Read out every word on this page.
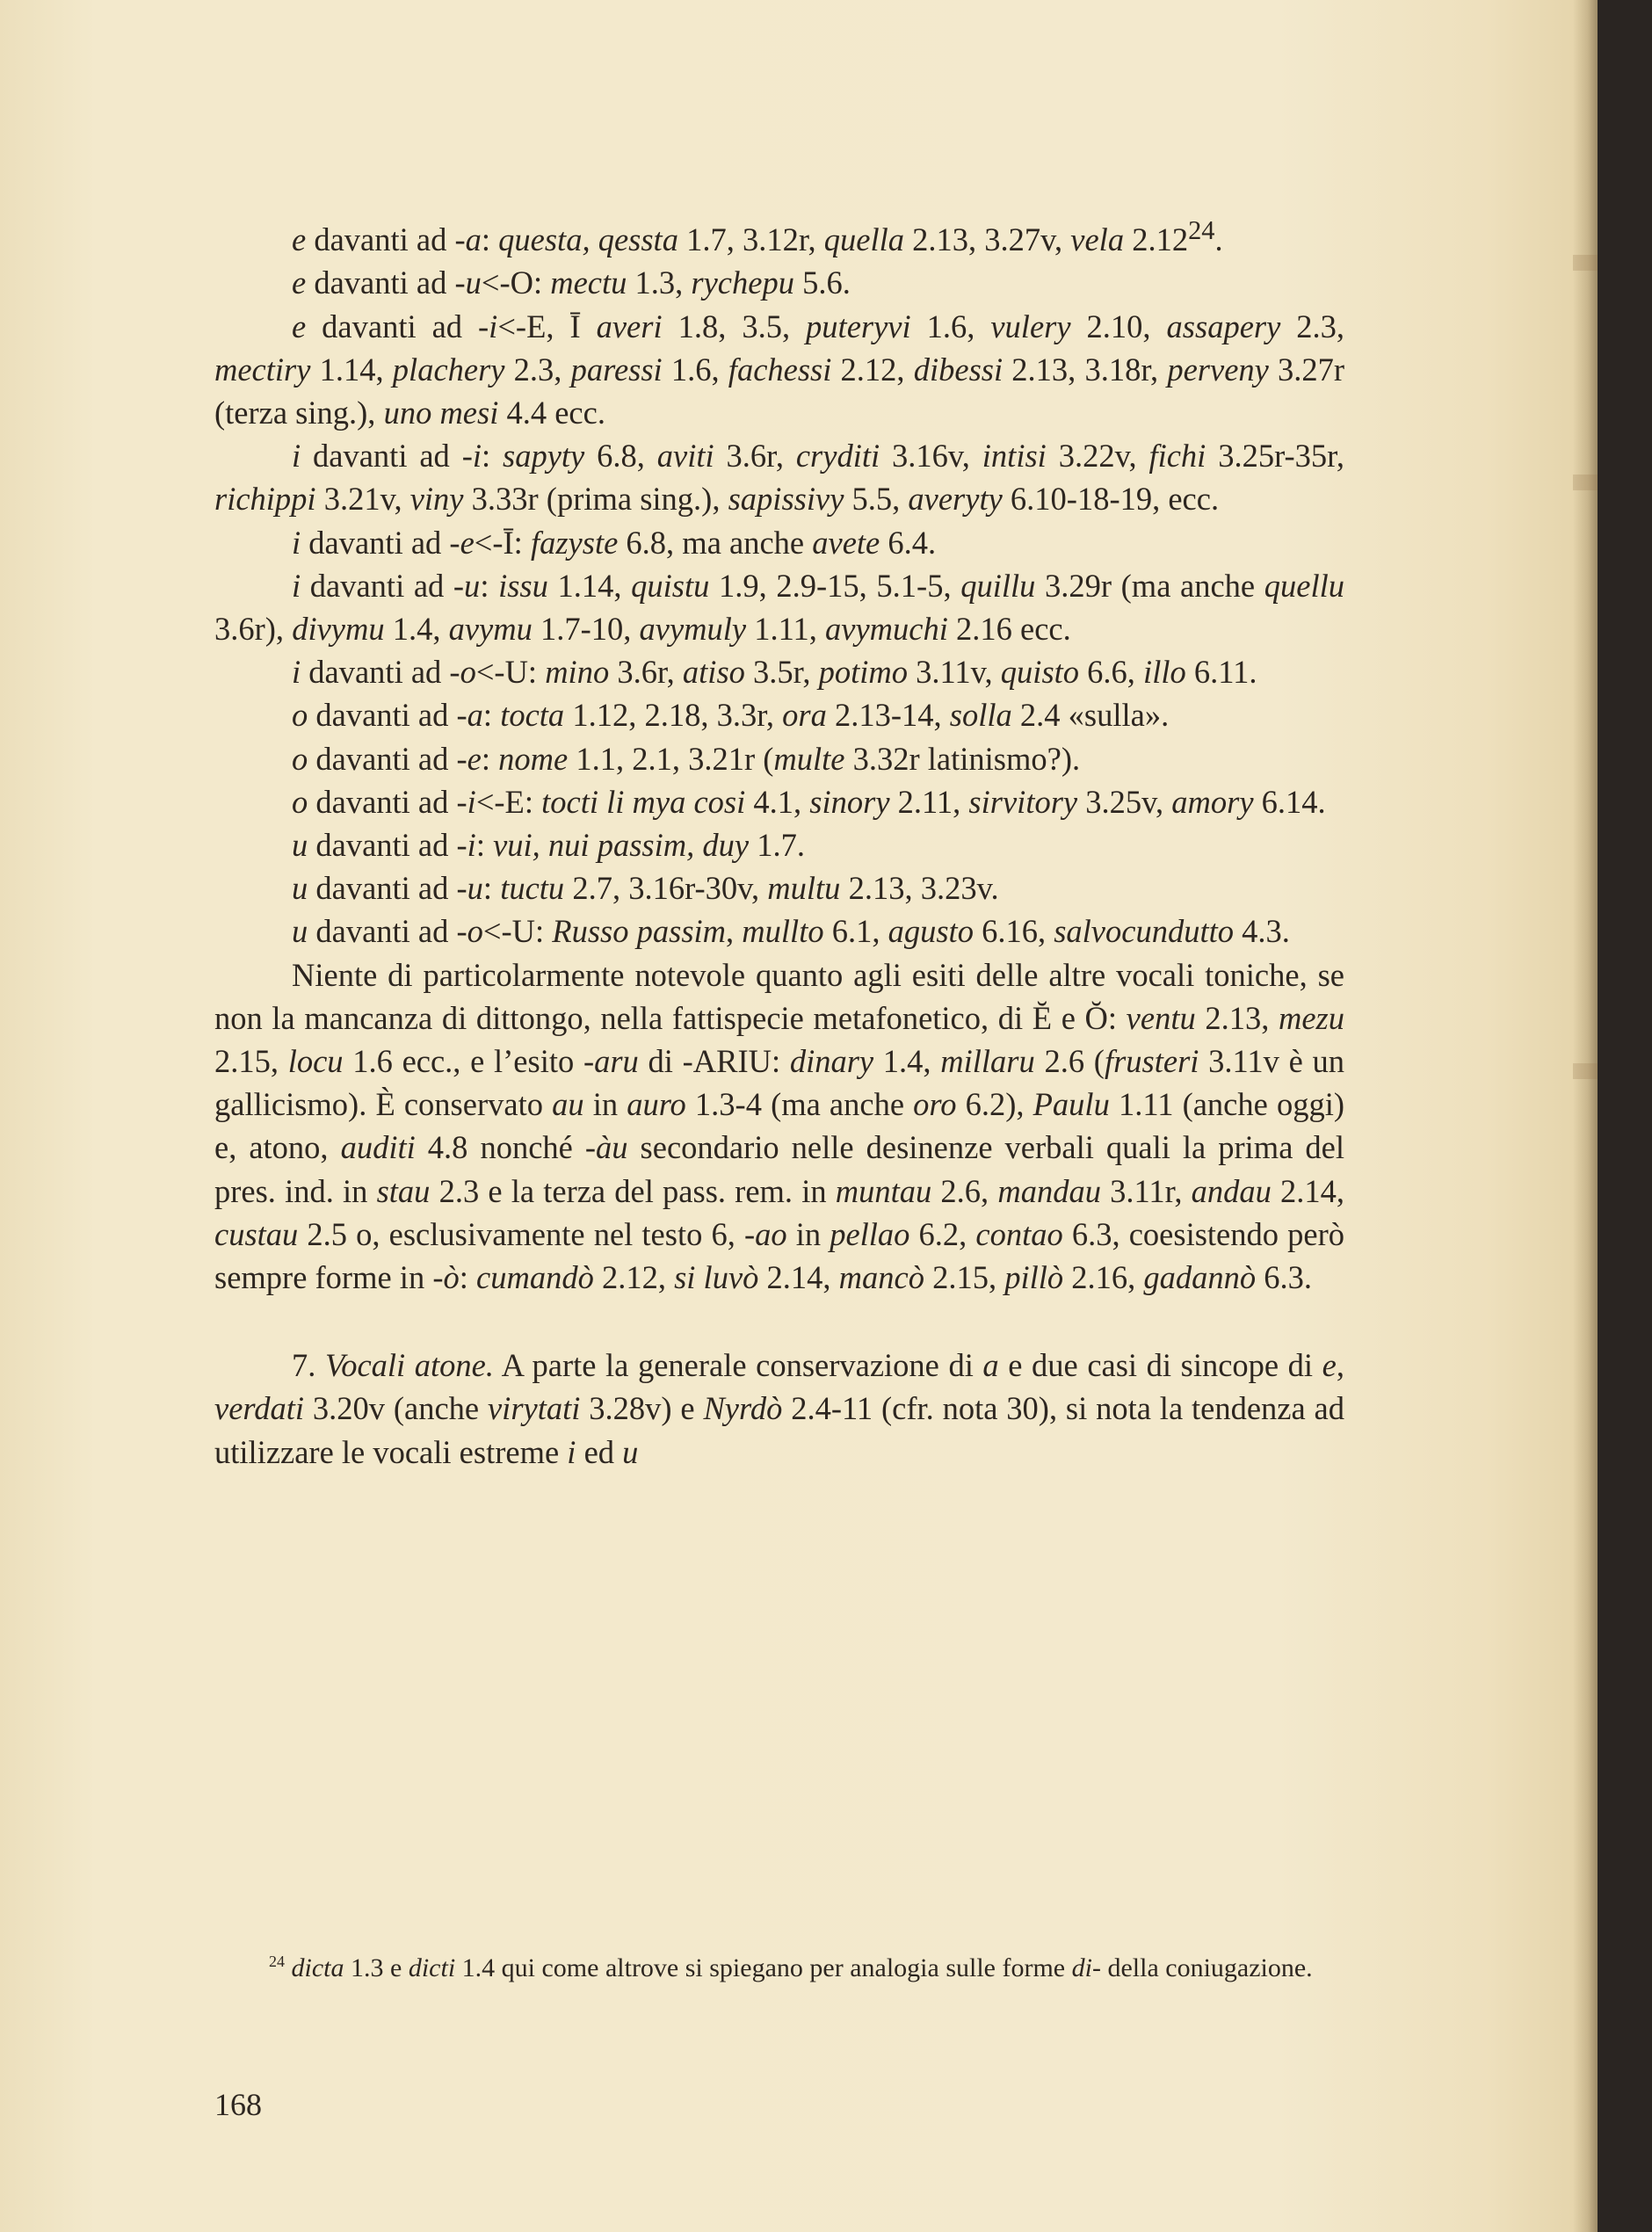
e davanti ad -a: questa, qessta 1.7, 3.12r, quella 2.13, 3.27v, vela 2.12$^{24}$.

e davanti ad -u<-O: mectu 1.3, rychepu 5.6.

e davanti ad -i<-E, Ī averi 1.8, 3.5, puteryvi 1.6, vulery 2.10, assapery 2.3, mectiry 1.14, plachery 2.3, paressi 1.6, fachessi 2.12, dibessi 2.13, 3.18r, perveny 3.27r (terza sing.), uno mesi 4.4 ecc.

i davanti ad -i: sapyty 6.8, aviti 3.6r, cryditi 3.16v, intisi 3.22v, fichi 3.25r-35r, richippi 3.21v, viny 3.33r (prima sing.), sapissivy 5.5, averyty 6.10-18-19, ecc.

i davanti ad -e<-Ī: fazyste 6.8, ma anche avete 6.4.

i davanti ad -u: issu 1.14, quistu 1.9, 2.9-15, 5.1-5, quillu 3.29r (ma anche quellu 3.6r), divymu 1.4, avymu 1.7-10, avymuly 1.11, avymuchi 2.16 ecc.

i davanti ad -o<-U: mino 3.6r, atiso 3.5r, potimo 3.11v, quisto 6.6, illo 6.11.

o davanti ad -a: tocta 1.12, 2.18, 3.3r, ora 2.13-14, solla 2.4 «sulla».

o davanti ad -e: nome 1.1, 2.1, 3.21r (multe 3.32r latinismo?).

o davanti ad -i<-E: tocti li mya cosi 4.1, sinory 2.11, sirvitory 3.25v, amory 6.14.

u davanti ad -i: vui, nui passim, duy 1.7.

u davanti ad -u: tuctu 2.7, 3.16r-30v, multu 2.13, 3.23v.

u davanti ad -o<-U: Russo passim, mullto 6.1, agusto 6.16, salvocundutto 4.3.

Niente di particolarmente notevole quanto agli esiti delle altre vocali toniche, se non la mancanza di dittongo, nella fattispecie metafonetico, di Ĕ e Ŏ: ventu 2.13, mezu 2.15, locu 1.6 ecc., e l’esito -aru di -ARIU: dinary 1.4, millaru 2.6 (frusteri 3.11v è un gallicismo). È conservato au in auro 1.3-4 (ma anche oro 6.2), Paulu 1.11 (anche oggi) e, atono, auditi 4.8 nonché -àu secondario nelle desinenze verbali quali la prima del pres. ind. in stau 2.3 e la terza del pass. rem. in muntau 2.6, mandau 3.11r, andau 2.14, custau 2.5 o, esclusivamente nel testo 6, -ao in pellao 6.2, contao 6.3, coesistendo però sempre forme in -ò: cumandò 2.12, si luvò 2.14, mancò 2.15, pillò 2.16, gadannò 6.3.

7. Vocali atone. A parte la generale conservazione di a e due casi di sincope di e, verdati 3.20v (anche virytati 3.28v) e Nyrdò 2.4-11 (cfr. nota 30), si nota la tendenza ad utilizzare le vocali estreme i ed u

$^{24}$ dicta 1.3 e dicti 1.4 qui come altrove si spiegano per analogia sulle forme di- della coniugazione.

168
